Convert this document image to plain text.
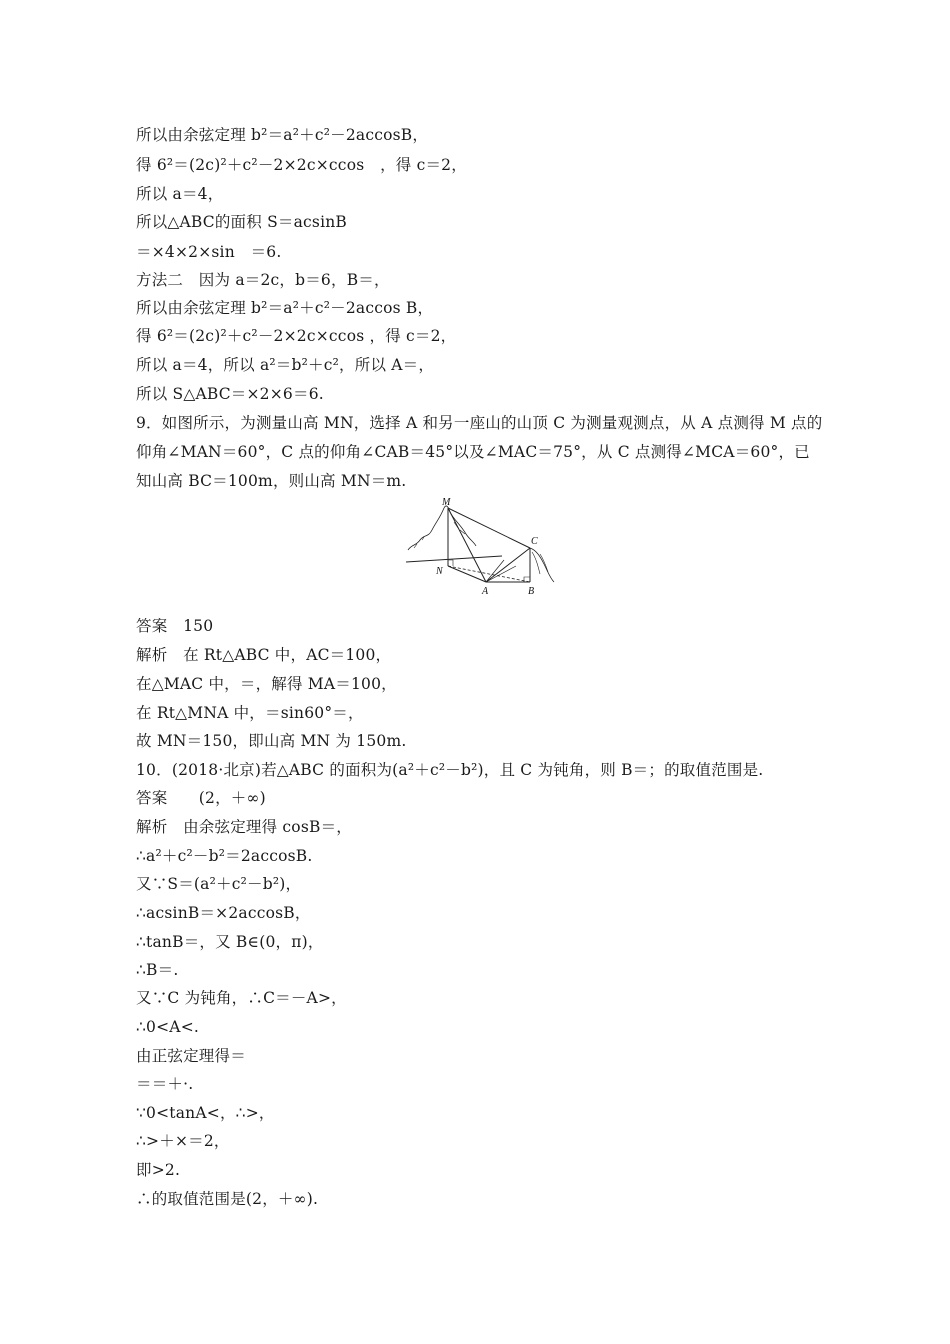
所以由余弦定理 b²＝a²＋c²－2accosB，
得 6²＝(2c)²＋c²－2×2c×ccos　，得 c＝2，
所以 a＝4，
所以△ABC的面积 S＝acsinB
＝×4×2×sin　＝6.
方法二　因为 a＝2c，b＝6，B＝，
所以由余弦定理 b²＝a²＋c²－2accos B，
得 6²＝(2c)²＋c²－2×2c×ccos ，得 c＝2，
所以 a＝4，所以 a²＝b²＋c²，所以 A＝，
所以 S△ABC＝×2×6＝6.
9．如图所示，为测量山高 MN，选择 A 和另一座山的山顶 C 为测量观测点，从 A 点测得 M 点的
仰角∠MAN＝60°，C 点的仰角∠CAB＝45°以及∠MAC＝75°，从 C 点测得∠MCA＝60°，已
知山高 BC＝100m，则山高 MN＝m.
M
C
N
A	B
答案　150
解析　在 Rt△ABC 中，AC＝100，
在△MAC 中，＝，解得 MA＝100，
在 Rt△MNA 中，＝sin60°＝，
故 MN＝150，即山高 MN 为 150m.
10．(2018·北京)若△ABC 的面积为(a²＋c²－b²)，且 C 为钝角，则 B＝；的取值范围是.
答案　　(2，＋∞)
解析　由余弦定理得 cosB＝，
∴a²＋c²－b²＝2accosB.
又∵S＝(a²＋c²－b²)，
∴acsinB＝×2accosB，
∴tanB＝，又 B∈(0，π)，
∴B＝.
又∵C 为钝角，∴C＝－A>，
∴0<A<.
由正弦定理得＝
＝＝＋·.
∵0<tanA<，∴>，
∴>＋×＝2，
即>2.
∴的取值范围是(2，＋∞).
